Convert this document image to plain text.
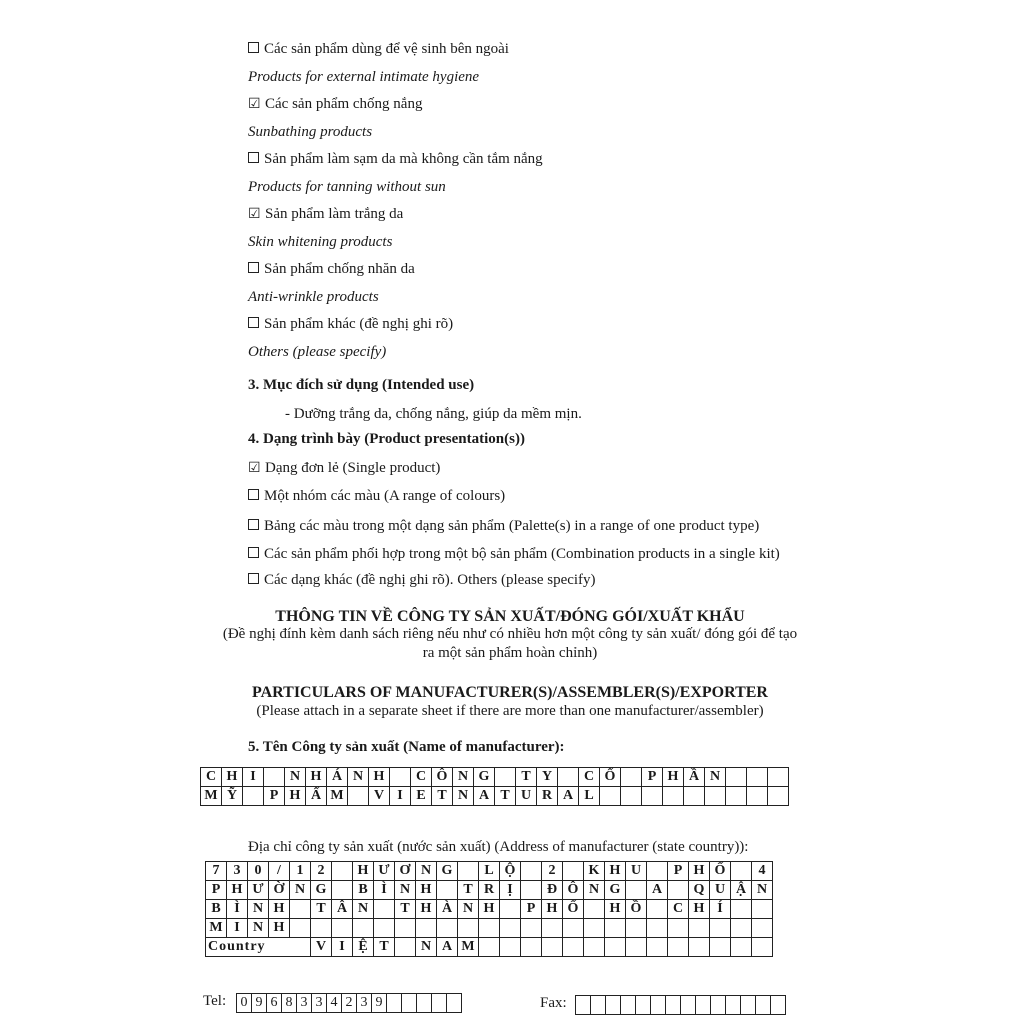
Các sản phẩm dùng để vệ sinh bên ngoài
Products for external intimate hygiene
☑ Các sản phẩm chống nắng
Sunbathing products
Sản phẩm làm sạm da mà không cần tắm nắng
Products for tanning without sun
☑ Sản phẩm làm trắng da
Skin whitening products
Sản phẩm chống nhăn da
Anti-wrinkle products
Sản phẩm khác (đề nghị ghi rõ)
Others (please specify)
3. Mục đích sử dụng (Intended use)
- Dưỡng trắng da, chống nắng, giúp da mềm mịn.
4. Dạng trình bày (Product presentation(s))
☑ Dạng đơn lẻ (Single product)
Một nhóm các màu (A range of colours)
Bảng các màu trong một dạng sản phẩm (Palette(s) in a range of one product type)
Các sản phẩm phối hợp trong một bộ sản phẩm (Combination products in a single kit)
Các dạng khác (đề nghị ghi rõ). Others (please specify)
THÔNG TIN VỀ CÔNG TY SẢN XUẤT/ĐÓNG GÓI/XUẤT KHẨU
(Đề nghị đính kèm danh sách riêng nếu như có nhiều hơn một công ty sản xuất/ đóng gói để tạo
ra một sản phẩm hoàn chỉnh)
PARTICULARS OF MANUFACTURER(S)/ASSEMBLER(S)/EXPORTER
(Please attach in a separate sheet if there are more than one manufacturer/assembler)
5. Tên Công ty sản xuất (Name of manufacturer):
C	H	I		N	H	Á	N	H		C	Ô	N	G		T	Y		C	Ổ		P	H	Ầ	N			
M	Ỹ		P	H	Ẩ	M		V	I	E	T	N	A	T	U	R	A	L									
Địa chỉ công ty sản xuất (nước sản xuất) (Address of manufacturer (state country)):
7	3	0	/	1	2		H	Ư	Ơ	N	G		L	Ộ		2		K	H	U		P	H	Ố		4
P	H	Ư	Ờ	N	G		B	Ì	N	H		T	R	Ị		Đ	Ô	N	G		A		Q	U	Ậ	N
B	Ì	N	H		T	Â	N		T	H	À	N	H		P	H	Ố		H	Ồ		C	H	Í		
M	I	N	H																							
Country					V	I	Ệ	T		N	A	M														
Tel: 0	9	6	8	3	3	4	2	3	9						Fax:
